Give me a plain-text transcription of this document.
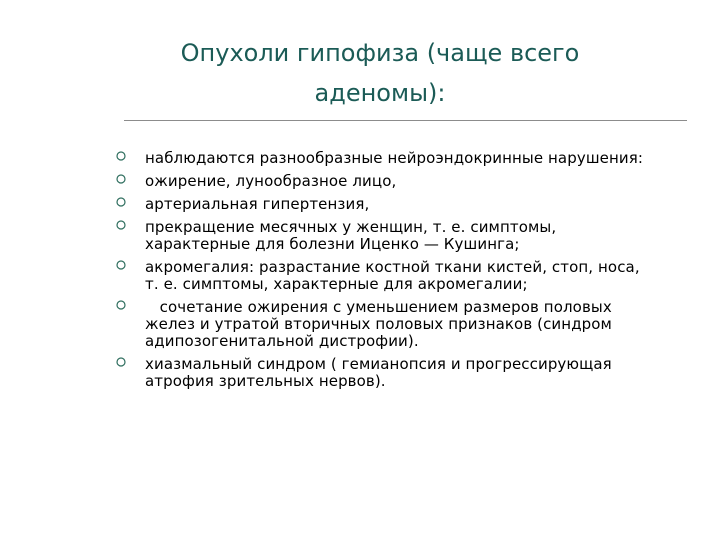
Опухоли гипофиза (чаще всего аденомы):
наблюдаются разнообразные нейроэндокринные нарушения:
ожирение, лунообразное лицо,
артериальная гипертензия,
прекращение месячных у женщин, т. е. симптомы, характерные для болезни Иценко — Кушинга;
акромегалия: разрастание костной ткани кистей, стоп, носа, т. е. симптомы, характерные для акромегалии;
сочетание ожирения с уменьшением размеров половых желез и утратой вторичных половых признаков (синдром адипозогенитальной дистрофии).
хиазмальный синдром ( гемианопсия и прогрессирующая атрофия зрительных нервов).
